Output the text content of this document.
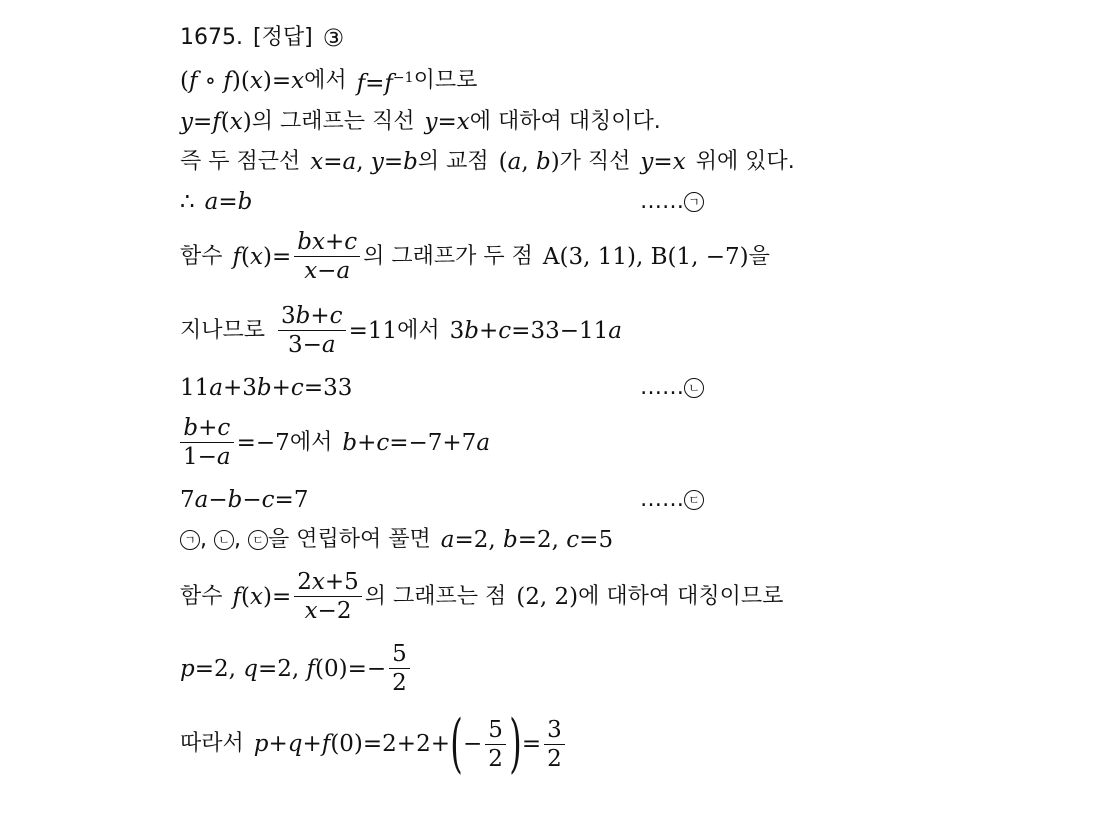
1675. [정답] ③
(f ∘ f)(x)=x 에서 $f=f^{-1}$ 이므로
y=f(x) 의 그래프는 직선 y=x 에 대하여 대칭이다.
즉 두 점근선 x=a, y=b 의 교점 (a, b) 가 직선 y=x 위에 있다.
∴ a=b	…… ㄱ
함수 $f(x)= \frac{bx+c}{x-a}$ 의 그래프가 두 점 A(3, 11), B(1, −7) 을
지나므로 $\frac{3b+c}{3-a} =11$ 에서 3b+c=33−11a
11a+3b+c=33	…… ㄴ
$\frac{b+c}{1-a} =-7$ 에서 b+c=−7+7a
7a−b−c=7	…… ㄷ
ㄱ , ㄴ , ㄷ 을 연립하여 풀면 a=2, b=2, c=5
함수 $f(x)= \frac{2x+5}{x-2}$ 의 그래프는 점 (2, 2) 에 대하여 대칭이므로
p=2, q=2, $f(0)=- \frac{5}{2}$
따라서 p+q+f(0)=2+2+ ( − $\frac{5}{2}$ ) = $\frac{3}{2}$
